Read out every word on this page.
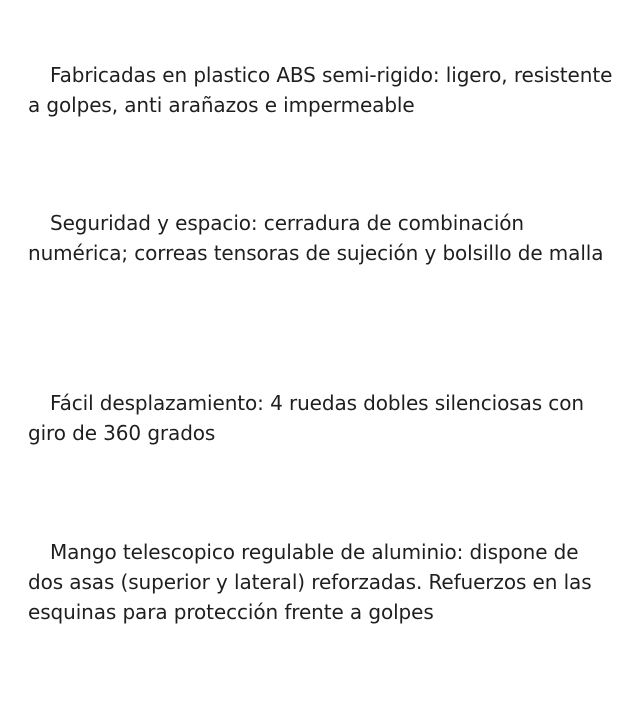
Fabricadas en plastico ABS semi-rigido: ligero, resistente a golpes, anti arañazos e impermeable

Seguridad y espacio: cerradura de combinación numérica; correas tensoras de sujeción y bolsillo de malla

Fácil desplazamiento: 4 ruedas dobles silenciosas con giro de 360 grados

Mango telescopico regulable de aluminio: dispone de dos asas (superior y lateral) reforzadas. Refuerzos en las esquinas para protección frente a golpes
